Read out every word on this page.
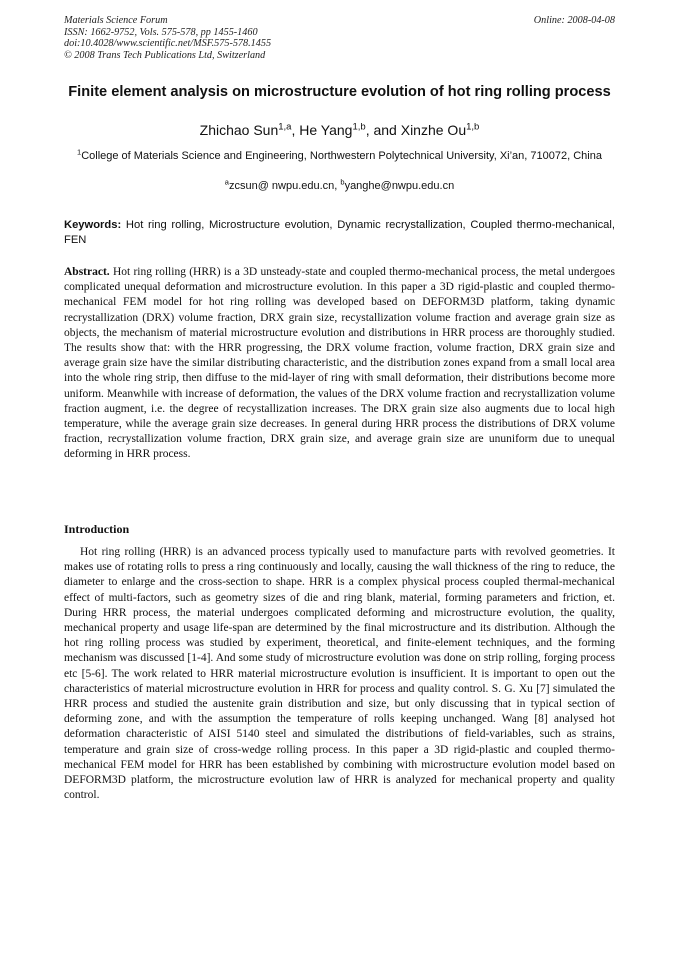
Materials Science Forum
ISSN: 1662-9752, Vols. 575-578, pp 1455-1460
doi:10.4028/www.scientific.net/MSF.575-578.1455
© 2008 Trans Tech Publications Ltd, Switzerland
Online: 2008-04-08
Finite element analysis on microstructure evolution of hot ring rolling process
Zhichao Sun$^{1,a}$, He Yang$^{1,b}$, and Xinzhe Ou$^{1,b}$
$^1$College of Materials Science and Engineering, Northwestern Polytechnical University, Xi’an, 710072, China
$^a$zcsun@ nwpu.edu.cn, $^b$yanghe@nwpu.edu.cn
Keywords: Hot ring rolling, Microstructure evolution, Dynamic recrystallization, Coupled thermo-mechanical, FEN
Abstract. Hot ring rolling (HRR) is a 3D unsteady-state and coupled thermo-mechanical process, the metal undergoes complicated unequal deformation and microstructure evolution. In this paper a 3D rigid-plastic and coupled thermo-mechanical FEM model for hot ring rolling was developed based on DEFORM3D platform, taking dynamic recrystallization (DRX) volume fraction, DRX grain size, recystallization volume fraction and average grain size as objects, the mechanism of material microstructure evolution and distributions in HRR process are thoroughly studied. The results show that: with the HRR progressing, the DRX volume fraction, volume fraction, DRX grain size and average grain size have the similar distributing characteristic, and the distribution zones expand from a small local area into the whole ring strip, then diffuse to the mid-layer of ring with small deformation, their distributions become more uniform. Meanwhile with increase of deformation, the values of the DRX volume fraction and recrystallization volume fraction augment, i.e. the degree of recystallization increases. The DRX grain size also augments due to local high temperature, while the average grain size decreases. In general during HRR process the distributions of DRX volume fraction, recrystallization volume fraction, DRX grain size, and average grain size are ununiform due to unequal deforming in HRR process.
Introduction
Hot ring rolling (HRR) is an advanced process typically used to manufacture parts with revolved geometries. It makes use of rotating rolls to press a ring continuously and locally, causing the wall thickness of the ring to reduce, the diameter to enlarge and the cross-section to shape. HRR is a complex physical process coupled thermal-mechanical effect of multi-factors, such as geometry sizes of die and ring blank, material, forming parameters and friction, et. During HRR process, the material undergoes complicated deforming and microstructure evolution, the quality, mechanical property and usage life-span are determined by the final microstructure and its distribution. Although the hot ring rolling process was studied by experiment, theoretical, and finite-element techniques, and the forming mechanism was discussed [1-4]. And some study of microstructure evolution was done on strip rolling, forging process etc [5-6]. The work related to HRR material microstructure evolution is insufficient. It is important to open out the characteristics of material microstructure evolution in HRR for process and quality control. S. G. Xu [7] simulated the HRR process and studied the austenite grain distribution and size, but only discussing that in typical section of deforming zone, and with the assumption the temperature of rolls keeping unchanged. Wang [8] analysed hot deformation characteristic of AISI 5140 steel and simulated the distributions of field-variables, such as strains, temperature and grain size of cross-wedge rolling process. In this paper a 3D rigid-plastic and coupled thermo-mechanical FEM model for HRR has been established by combining with microstructure evolution model based on DEFORM3D platform, the microstructure evolution law of HRR is analyzed for mechanical property and quality control.
